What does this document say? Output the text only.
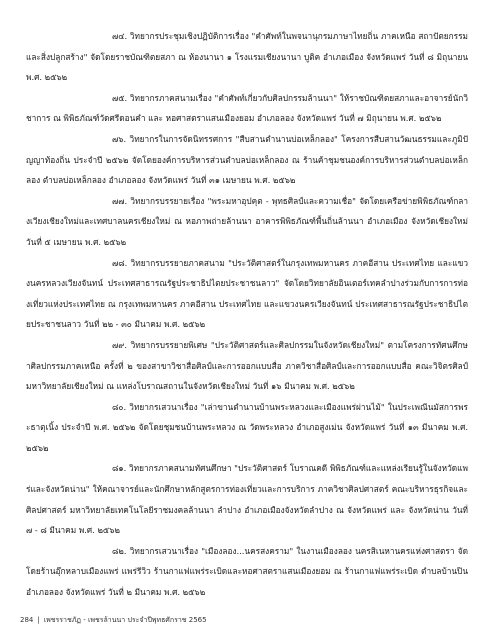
๗๔. วิทยากรประชุมเชิงปฏิบัติการเรื่อง "คำศัพท์ในพจนานุกรมภาษาไทยถิ่น ภาคเหนือ สถาปัตยกรรมและสิ่งปลูกสร้าง" จัดโดยราชบัณฑิตยสภา ณ ห้องนานา ๑ โรงแรมเชียงนานา บูติค อำเภอเมือง จังหวัดแพร่ วันที่ ๘ มิถุนายน พ.ศ. ๒๕๖๒

๗๕. วิทยากรภาคสนามเรื่อง "คำศัพท์เกี่ยวกับศิลปกรรมล้านนา" ให้ราชบัณฑิตยสภาและอาจารย์นักวิชาการ ณ พิพิธภัณฑ์วัดศรีดอนคำ และ หอศาสตราแสนเมืองยอม อำเภอลอง จังหวัดแพร่ วันที่ ๗ มิถุนายน พ.ศ. ๒๕๖๒

๗๖. วิทยากรในการจัดนิทรรศการ "สืบสานตำนานบ่อเหล็กลอง" โครงการสืบสานวัฒนธรรมและภูมิปัญญาท้องถิ่น ประจำปี ๒๕๖๒ จัดโดยองค์การบริหารส่วนตำบลบ่อเหล็กลอง ณ ร้านค้าชุมชนองค์การบริหารส่วนตำบลบ่อเหล็กลอง ตำบลบ่อเหล็กลอง อำเภอลอง จังหวัดแพร่ วันที่ ๓๑ เมษายน พ.ศ. ๒๕๖๒

๗๗. วิทยากรบรรยายเรื่อง "พระมหาอุปคุต - พุทธศิลป์และความเชื่อ" จัดโดยเครือข่ายพิพิธภัณฑ์กลางเวียงเชียงใหม่และเทศบาลนครเชียงใหม่ ณ หอภาพถ่ายล้านนา อาคารพิพิธภัณฑ์พื้นถิ่นล้านนา อำเภอเมือง จังหวัดเชียงใหม่ วันที่ ๕ เมษายน พ.ศ. ๒๕๖๒

๗๘. วิทยากรบรรยายภาคสนาม "ประวัติศาสตร์ในกรุงเทพมหานคร ภาคอีสาน ประเทศไทย และแขวงนครหลวงเวียงจันทน์ ประเทศสาธารณรัฐประชาธิปไตยประชาชนลาว" จัดโดยวิทยาลัยอินเตอร์เทคลำปางร่วมกับการการท่องเที่ยวแห่งประเทศไทย ณ กรุงเทพมหานคร ภาคอีสาน ประเทศไทย และแขวงนครเวียงจันทน์ ประเทศสาธารณรัฐประชาธิปไตยประชาชนลาว วันที่ ๒๒ - ๓๐ มีนาคม พ.ศ. ๒๕๖๒

๗๙. วิทยากรบรรยายพิเศษ "ประวัติศาสตร์และศิลปกรรมในจังหวัดเชียงใหม่" ตามโครงการทัศนศึกษาศิลปกรรมภาคเหนือ ครั้งที่ ๒ ของสาขาวิชาสื่อศิลป์และการออกแบบสื่อ ภาควิชาสื่อศิลป์และการออกแบบสื่อ คณะวิจิตรศิลป์ มหาวิทยาลัยเชียงใหม่ ณ แหล่งโบราณสถานในจังหวัดเชียงใหม่ วันที่ ๑๖ มีนาคม พ.ศ. ๒๕๖๒

๘๐. วิทยากรเสวนาเรื่อง "เล่าขานตำนานบ้านพระหลวงและเมืองแพร่ผ่านไม้" ในประเพณีนมัสการพระธาตุเนิ้ง ประจำปี พ.ศ. ๒๕๖๒ จัดโดยชุมชนบ้านพระหลวง ณ วัดพระหลวง อำเภอสูงเม่น จังหวัดแพร่ วันที่ ๑๓ มีนาคม พ.ศ. ๒๕๖๒

๘๑. วิทยากรภาคสนามทัศนศึกษา "ประวัติศาสตร์ โบราณคดี พิพิธภัณฑ์และแหล่งเรียนรู้ในจังหวัดแพร่และจังหวัดน่าน" ให้คณาจารย์และนักศึกษาหลักสูตรการท่องเที่ยวและการบริการ ภาควิชาศิลปศาสตร์ คณะบริหารธุรกิจและศิลปศาสตร์ มหาวิทยาลัยเทคโนโลยีราชมงคลล้านนา ลำปาง อำเภอเมืองจังหวัดลำปาง ณ จังหวัดแพร่ และ จังหวัดน่าน วันที่ ๗ - ๘ มีนาคม พ.ศ. ๒๕๖๒

๘๒. วิทยากรเสวนาเรื่อง "เมืองลอง...นครสงคราม" ในงานเมืองลอง นครสิเนหานครแห่งศาสตรา จัดโดยร้านอุ๊กหลาบเมืองแพร่ แพร่รีวิว ร้านกาแฟแพร่ระเบิดและหอศาสตราแสนเมืองยอม ณ ร้านกาแฟแพร่ระเบิด ตำบลบ้านปิน อำเภอลอง จังหวัดแพร่ วันที่ ๒ มีนาคม พ.ศ. ๒๕๖๒

284 | เพชรราชภัฏ - เพชรล้านนา ประจำปีพุทธศักราช 2565
